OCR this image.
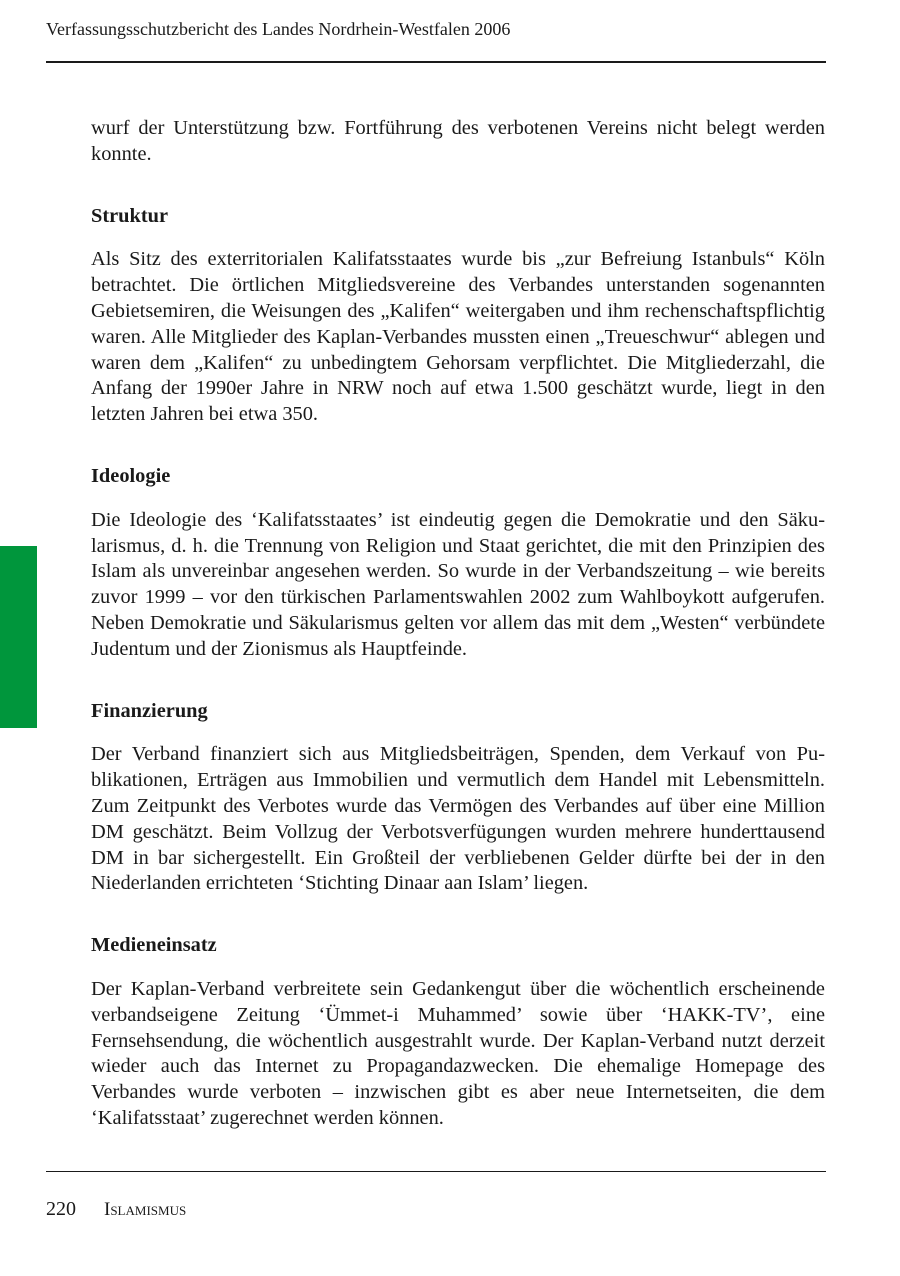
Verfassungsschutzbericht des Landes Nordrhein-Westfalen 2006

wurf der Unterstützung bzw. Fortführung des verbotenen Vereins nicht belegt werden konnte.

Struktur

Als Sitz des exterritorialen Kalifatsstaates wurde bis „zur Befreiung Istanbuls“ Köln betrachtet. Die örtlichen Mitgliedsvereine des Verbandes unterstanden sogenannten Gebietsemiren, die Weisungen des „Kalifen“ weitergaben und ihm rechenschaftspflichtig waren. Alle Mitglieder des Kaplan-Verbandes mussten einen „Treueschwur“ ablegen und waren dem „Kalifen“ zu unbedingtem Gehorsam verpflichtet. Die Mitgliederzahl, die Anfang der 1990er Jahre in NRW noch auf etwa 1.500 geschätzt wurde, liegt in den letzten Jahren bei etwa 350.

Ideologie

Die Ideologie des ‘Kalifatsstaates’ ist eindeutig gegen die Demokratie und den Säkularismus, d. h. die Trennung von Religion und Staat gerichtet, die mit den Prinzipien des Islam als unvereinbar angesehen werden. So wurde in der Verbandszeitung – wie bereits zuvor 1999 – vor den türkischen Parlamentswahlen 2002 zum Wahlboykott aufgerufen. Neben Demokratie und Säkularismus gelten vor allem das mit dem „Westen“ verbündete Judentum und der Zionismus als Hauptfeinde.

Finanzierung

Der Verband finanziert sich aus Mitgliedsbeiträgen, Spenden, dem Verkauf von Publikationen, Erträgen aus Immobilien und vermutlich dem Handel mit Lebensmitteln. Zum Zeitpunkt des Verbotes wurde das Vermögen des Verbandes auf über eine Million DM geschätzt. Beim Vollzug der Verbotsverfügungen wurden mehrere hunderttausend DM in bar sichergestellt. Ein Großteil der verbliebenen Gelder dürfte bei der in den Niederlanden errichteten ‘Stichting Dinaar aan Islam’ liegen.

Medieneinsatz

Der Kaplan-Verband verbreitete sein Gedankengut über die wöchentlich erscheinende verbandseigene Zeitung ‘Ümmet-i Muhammed’ sowie über ‘HAKK-TV’, eine Fernsehsendung, die wöchentlich ausgestrahlt wurde. Der Kaplan-Verband nutzt derzeit wieder auch das Internet zu Propagandazwecken. Die ehemalige Homepage des Verbandes wurde verboten – inzwischen gibt es aber neue Internetseiten, die dem ‘Kalifatsstaat’ zugerechnet werden können.

220 Islamismus
